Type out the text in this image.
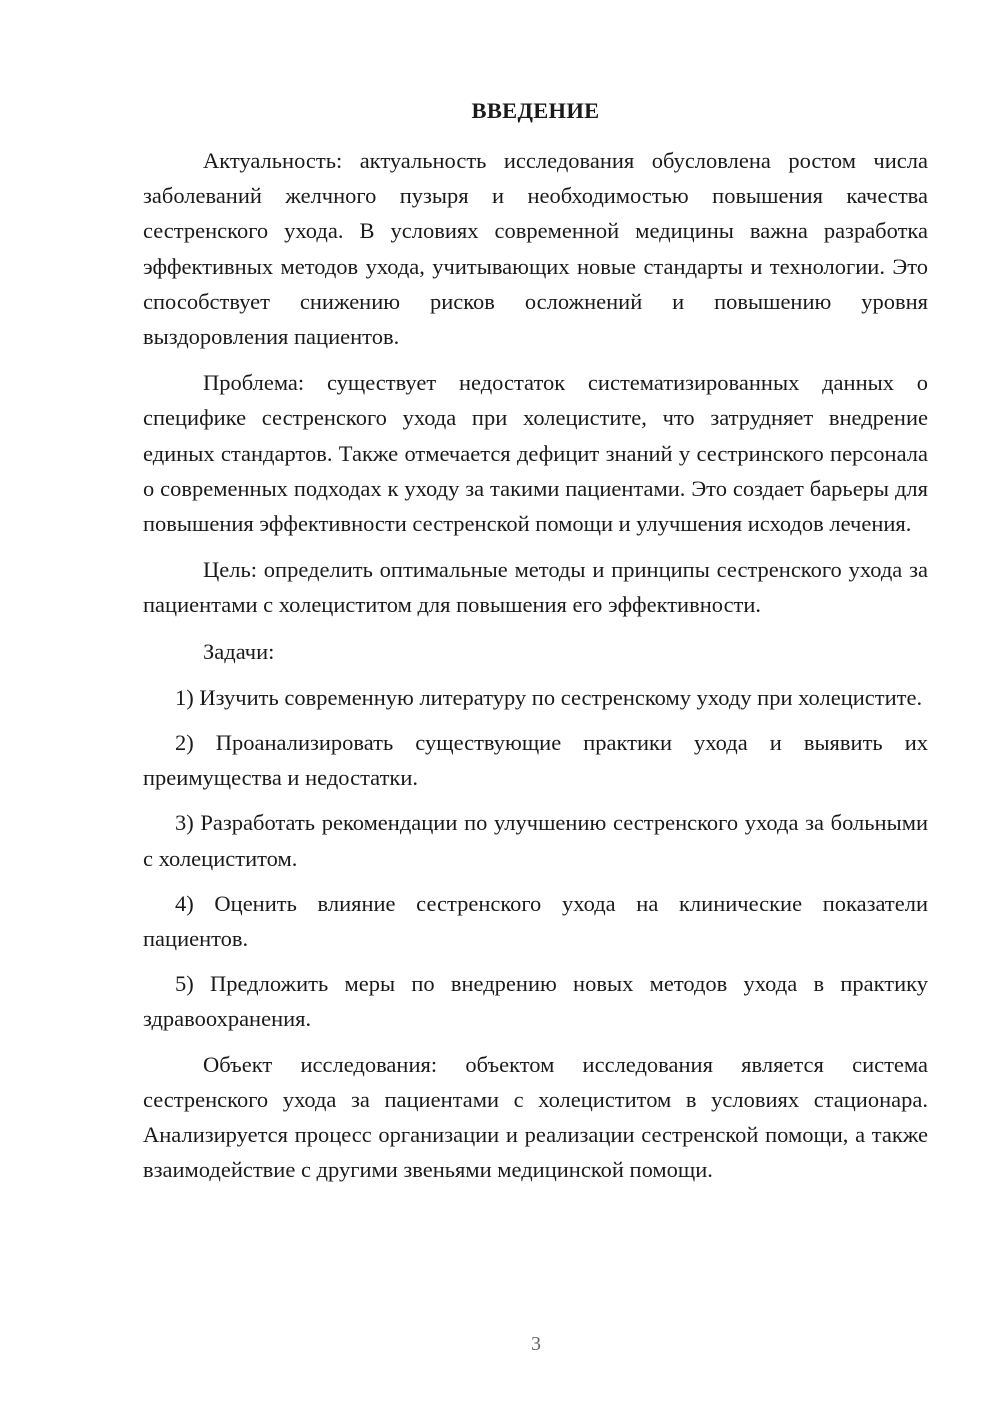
ВВЕДЕНИЕ

Актуальность: актуальность исследования обусловлена ростом числа заболеваний желчного пузыря и необходимостью повышения качества сестренского ухода. В условиях современной медицины важна разработка эффективных методов ухода, учитывающих новые стандарты и технологии. Это способствует снижению рисков осложнений и повышению уровня выздоровления пациентов.

Проблема: существует недостаток систематизированных данных о специфике сестренского ухода при холецистите, что затрудняет внедрение единых стандартов. Также отмечается дефицит знаний у сестринского персонала о современных подходах к уходу за такими пациентами. Это создает барьеры для повышения эффективности сестренской помощи и улучшения исходов лечения.

Цель: определить оптимальные методы и принципы сестренского ухода за пациентами с холециститом для повышения его эффективности.

Задачи:

1) Изучить современную литературу по сестренскому уходу при холецистите.

2) Проанализировать существующие практики ухода и выявить их преимущества и недостатки.

3) Разработать рекомендации по улучшению сестренского ухода за больными с холециститом.

4) Оценить влияние сестренского ухода на клинические показатели пациентов.

5) Предложить меры по внедрению новых методов ухода в практику здравоохранения.

Объект исследования: объектом исследования является система сестренского ухода за пациентами с холециститом в условиях стационара. Анализируется процесс организации и реализации сестренской помощи, а также взаимодействие с другими звеньями медицинской помощи.

3
